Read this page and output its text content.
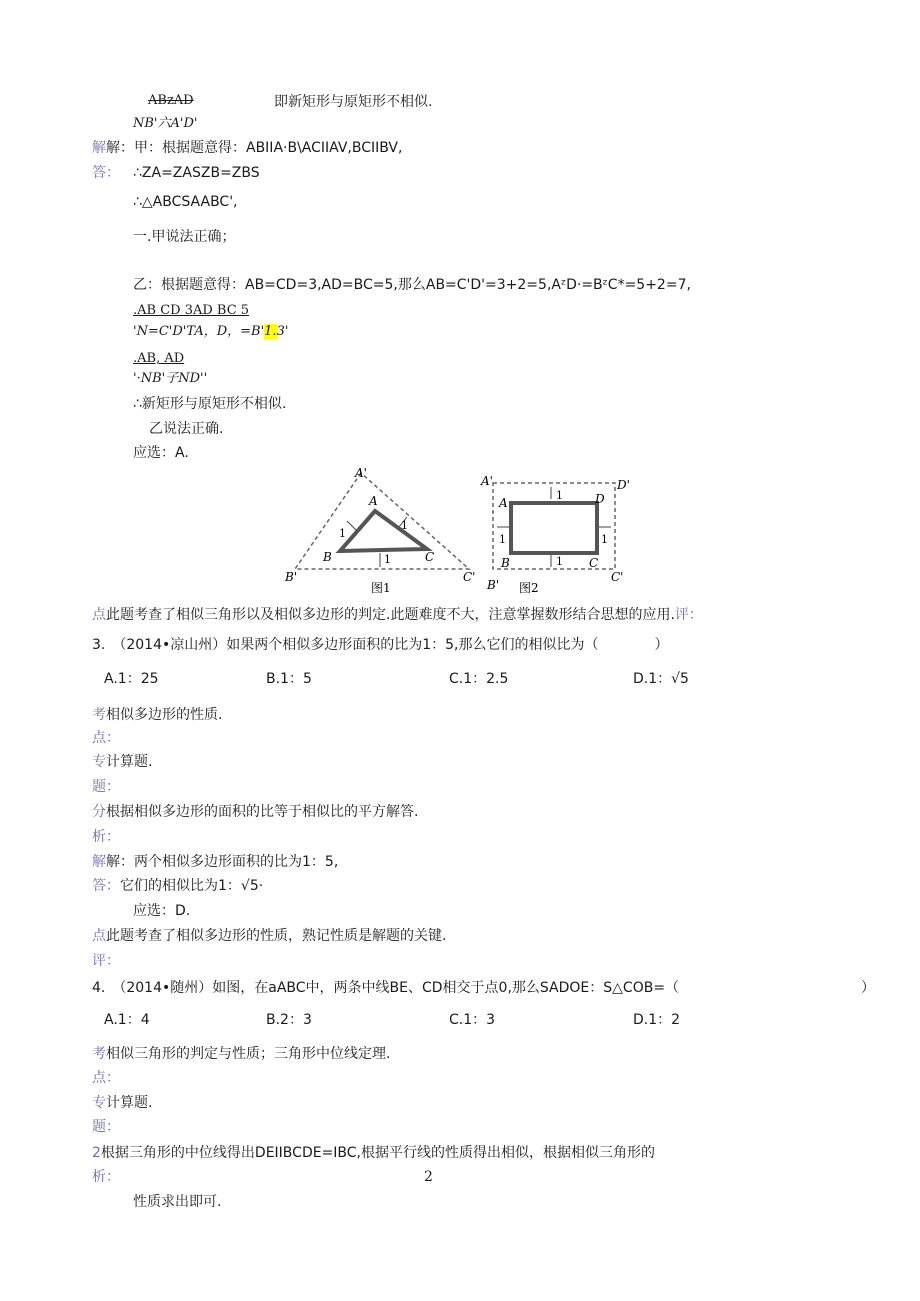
ABzAD	即新矩形与原矩形不相似.
NB'六A'D'
解 解：甲：根据题意得：ABIIA·B\ACIIAV,BCIIBV,
答： ∴ZA=ZASZB=ZBS
∴△ABCSAABC',
一.甲说法正确；
乙：根据题意得：AB=CD=3,AD=BC=5,那么AB=C'D'=3+2=5,AᶻD·=BᶻC*=5+2=7,
.AB CD 3AD BC 5
'N=C'D'TA，D，=B'1.3'
.AB, AD
'·NB'子ND''
∴新矩形与原矩形不相似.
乙说法正确.
应选：A.
A'
A
B	C
B'	C'
1
1
1
图1
A'
A	D
D'
B	C
B'
C'
1
1	1
1
图2
点此题考查了相似三角形以及相似多边形的判定.此题难度不大，注意掌握数形结合思想的应用.评：
3.　（2014•凉山州）如果两个相似多边形面积的比为1：5,那么它们的相似比为（　　　　）
A.1：25	B.1：5	C.1：2.5	D.1：√5
考相似多边形的性质.
点：
专计算题.
题：
分根据相似多边形的面积的比等于相似比的平方解答.
析：
解解：两个相似多边形面积的比为1：5,
答：它们的相似比为1：√5·
应选：D.
点此题考查了相似多边形的性质，熟记性质是解题的关键.
评：
4.　（2014•随州）如图，在aABC中，两条中线BE、CD相交于点0,那么SADOE：S△COB=（　　　　　　　　　　　　　）
A.1：4	B.2：3	C.1：3	D.1：2
考相似三角形的判定与性质；三角形中位线定理.
点：
专计算题.
题：
2根据三角形的中位线得出DEIIBCDE=IBC,根据平行线的性质得出相似，根据相似三角形的
析：	2
性质求出即可.
